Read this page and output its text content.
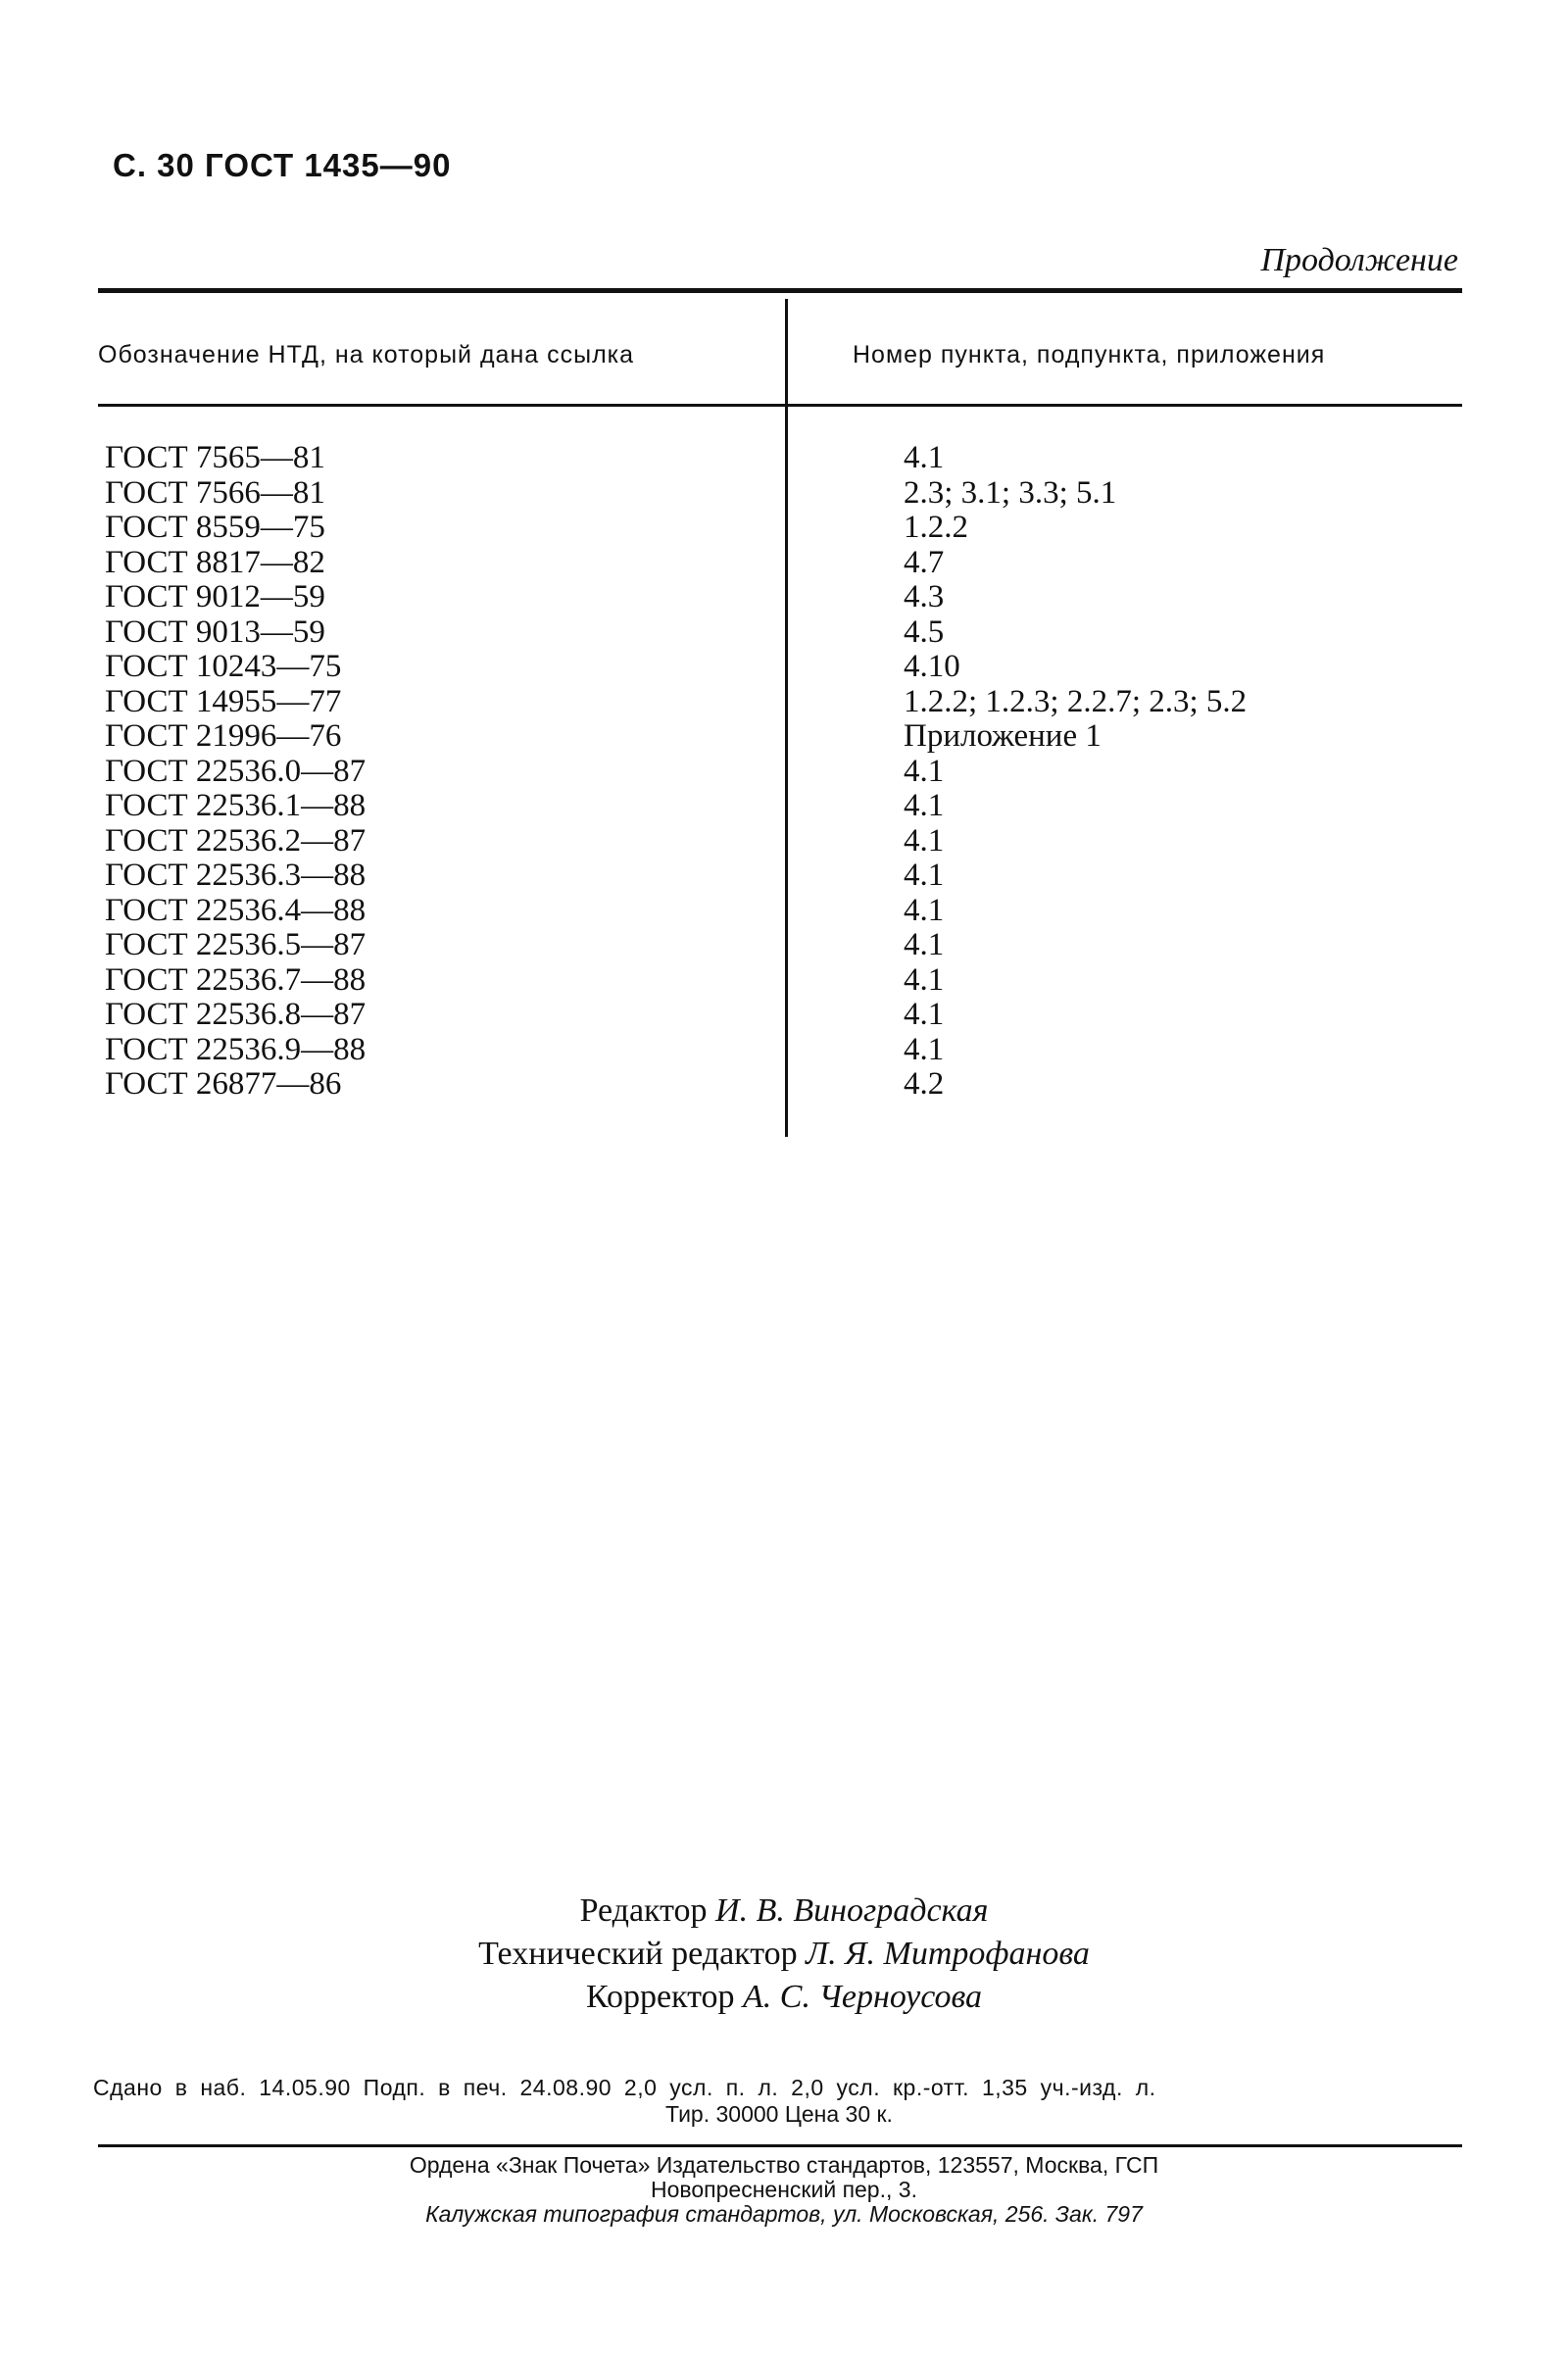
С. 30 ГОСТ 1435—90
Продолжение
Обозначение НТД, на который дана ссылка	Номер пункта, подпункта, приложения
ГОСТ 7565—81	4.1
ГОСТ 7566—81	2.3; 3.1; 3.3; 5.1
ГОСТ 8559—75	1.2.2
ГОСТ 8817—82	4.7
ГОСТ 9012—59	4.3
ГОСТ 9013—59	4.5
ГОСТ 10243—75	4.10
ГОСТ 14955—77	1.2.2; 1.2.3; 2.2.7; 2.3; 5.2
ГОСТ 21996—76	Приложение 1
ГОСТ 22536.0—87	4.1
ГОСТ 22536.1—88	4.1
ГОСТ 22536.2—87	4.1
ГОСТ 22536.3—88	4.1
ГОСТ 22536.4—88	4.1
ГОСТ 22536.5—87	4.1
ГОСТ 22536.7—88	4.1
ГОСТ 22536.8—87	4.1
ГОСТ 22536.9—88	4.1
ГОСТ 26877—86	4.2
Редактор И. В. Виноградская
Технический редактор Л. Я. Митрофанова
Корректор А. С. Черноусова
Сдано в наб. 14.05.90 Подп. в печ. 24.08.90 2,0 усл. п. л. 2,0 усл. кр.-отт. 1,35 уч.-изд. л.
Тир. 30000 Цена 30 к.
Ордена «Знак Почета» Издательство стандартов, 123557, Москва, ГСП
Новопресненский пер., 3.
Калужская типография стандартов, ул. Московская, 256. Зак. 797
